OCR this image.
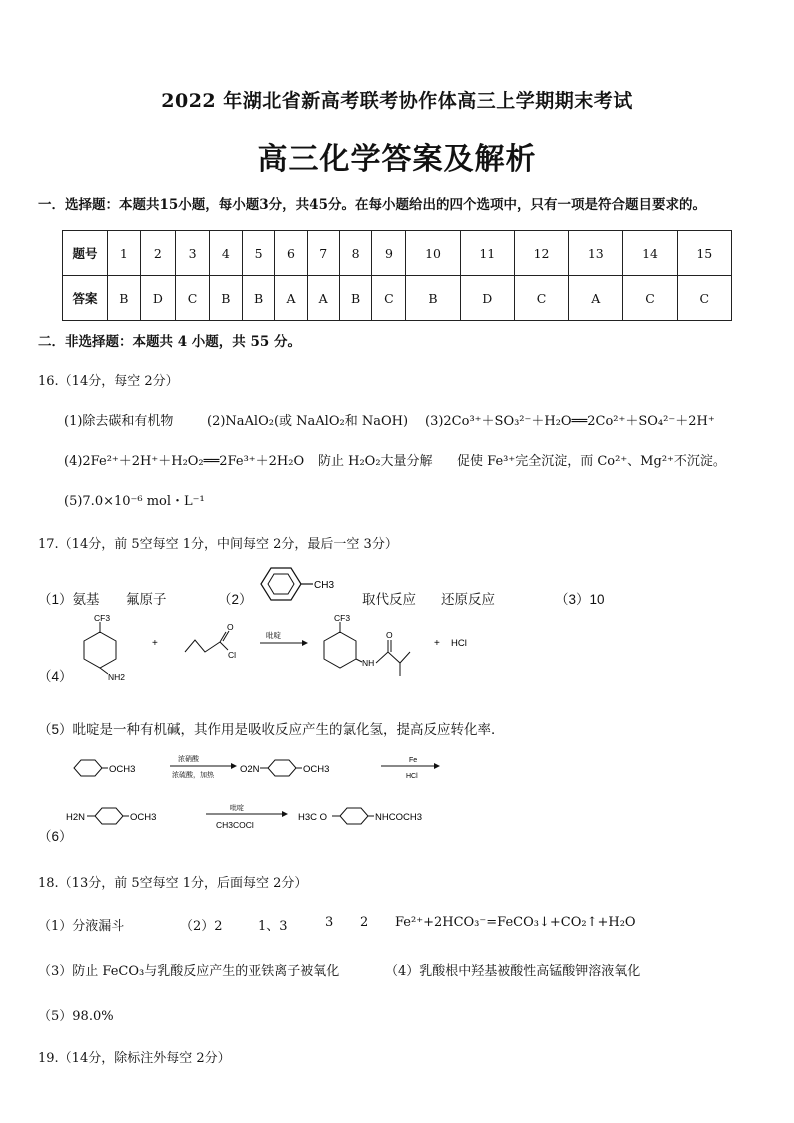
2022 年湖北省新高考联考协作体高三上学期期末考试
高三化学答案及解析
一．选择题：本题共15小题，每小题3分，共45分。在每小题给出的四个选项中，只有一项是符合题目要求的。
题号	1	2	3	4	5	6	7	8	9	10	11	12	13	14	15
答案	B	D	C	B	B	A	A	B	C	B	D	C	A	C	C
二．非选择题：本题共 4 小题，共 55 分。
16.（14分，每空 2分）
(1)除去碳和有机物	(2)NaAlO₂(或 NaAlO₂和 NaOH) (3)2Co³⁺＋SO₃²⁻＋H₂O══2Co²⁺＋SO₄²⁻＋2H⁺
(4)2Fe²⁺＋2H⁺＋H₂O₂══2Fe³⁺＋2H₂O 防止 H₂O₂大量分解 促使 Fe³⁺完全沉淀，而 Co²⁺、Mg²⁺不沉淀。
(5)7.0×10⁻⁶ mol・L⁻¹
17.（14分，前 5空每空 1分，中间每空 2分，最后一空 3分）
（1）氨基 氟原子	（2）
CH3
取代反应 还原反应	（3）10
（4）
CF3
NH2
+
O
Cl
吡啶
CF3
NH
O
+ HCl
（5）吡啶是一种有机碱，其作用是吸收反应产生的氯化氢，提高反应转化率．
（6）
OCH3
浓硝酸
浓硫酸，加热
O2N	OCH3
Fe
HCl
H2N	OCH3
吡啶
CH3COCl
H3C O	NHCOCH3
18.（13分，前 5空每空 1分，后面每空 2分）
（1）分液漏斗	（2）2	1、3	3 2 Fe²⁺+2HCO₃⁻=FeCO₃↓+CO₂↑+H₂O
（3）防止 FeCO₃与乳酸反应产生的亚铁离子被氧化	（4）乳酸根中羟基被酸性高锰酸钾溶液氧化
（5）98.0%
19.（14分，除标注外每空 2分）
